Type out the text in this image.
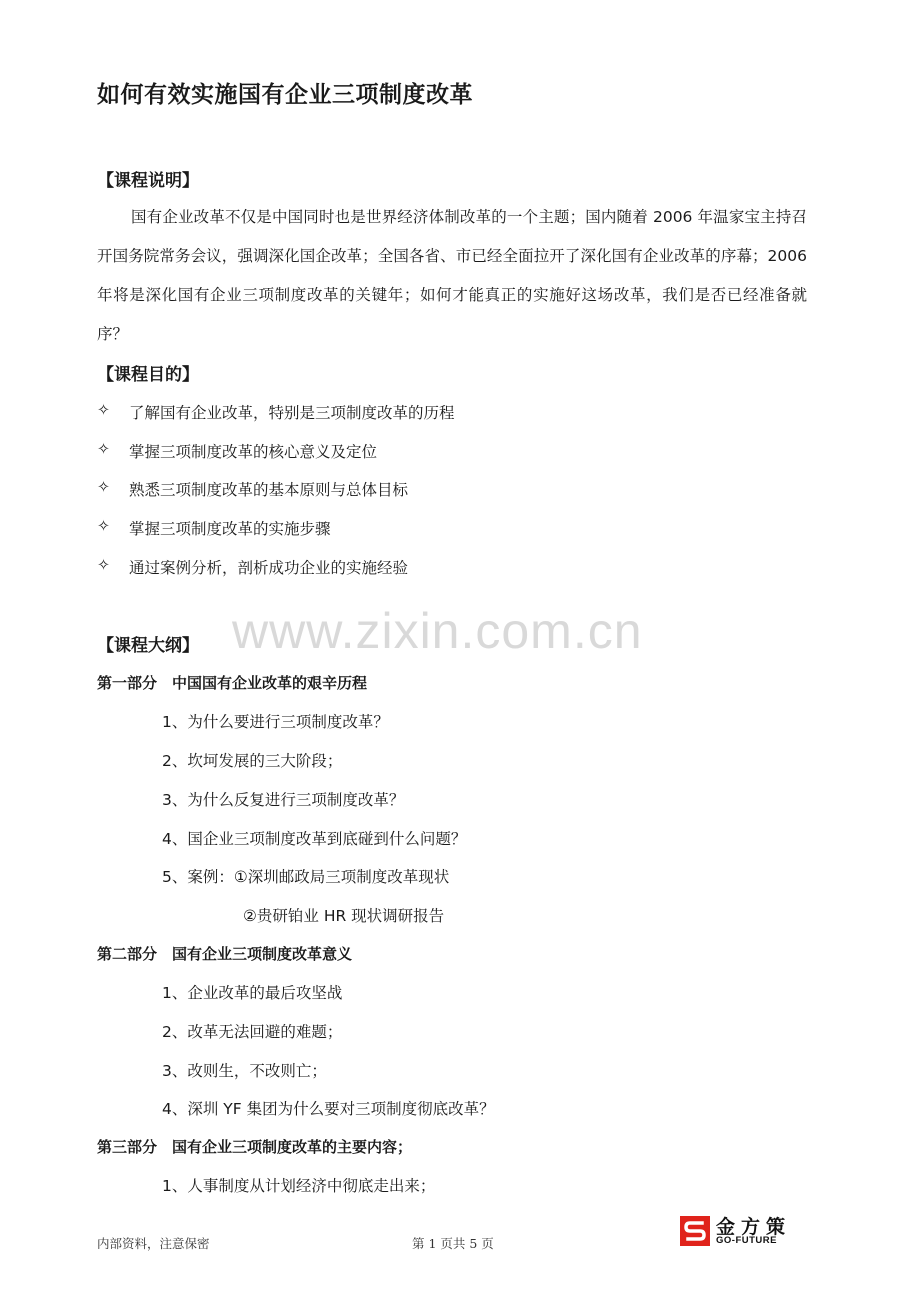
如何有效实施国有企业三项制度改革
【课程说明】
国有企业改革不仅是中国同时也是世界经济体制改革的一个主题；国内随着 2006 年温家宝主持召开国务院常务会议，强调深化国企改革；全国各省、市已经全面拉开了深化国有企业改革的序幕；2006 年将是深化国有企业三项制度改革的关键年；如何才能真正的实施好这场改革，我们是否已经准备就序？
【课程目的】
✧ 了解国有企业改革，特别是三项制度改革的历程
✧ 掌握三项制度改革的核心意义及定位
✧ 熟悉三项制度改革的基本原则与总体目标
✧ 掌握三项制度改革的实施步骤
✧ 通过案例分析，剖析成功企业的实施经验
www.zixin.com.cn
【课程大纲】
第一部分　中国国有企业改革的艰辛历程
1、为什么要进行三项制度改革？
2、坎坷发展的三大阶段；
3、为什么反复进行三项制度改革？
4、国企业三项制度改革到底碰到什么问题？
5、案例：①深圳邮政局三项制度改革现状
②贵研铂业 HR 现状调研报告
第二部分　国有企业三项制度改革意义
1、企业改革的最后攻坚战
2、改革无法回避的难题；
3、改则生，不改则亡；
4、深圳 YF 集团为什么要对三项制度彻底改革？
第三部分　国有企业三项制度改革的主要内容；
1、人事制度从计划经济中彻底走出来；
内部资料，注意保密	第 1 页共 5 页
金方策
GO-FUTURE
